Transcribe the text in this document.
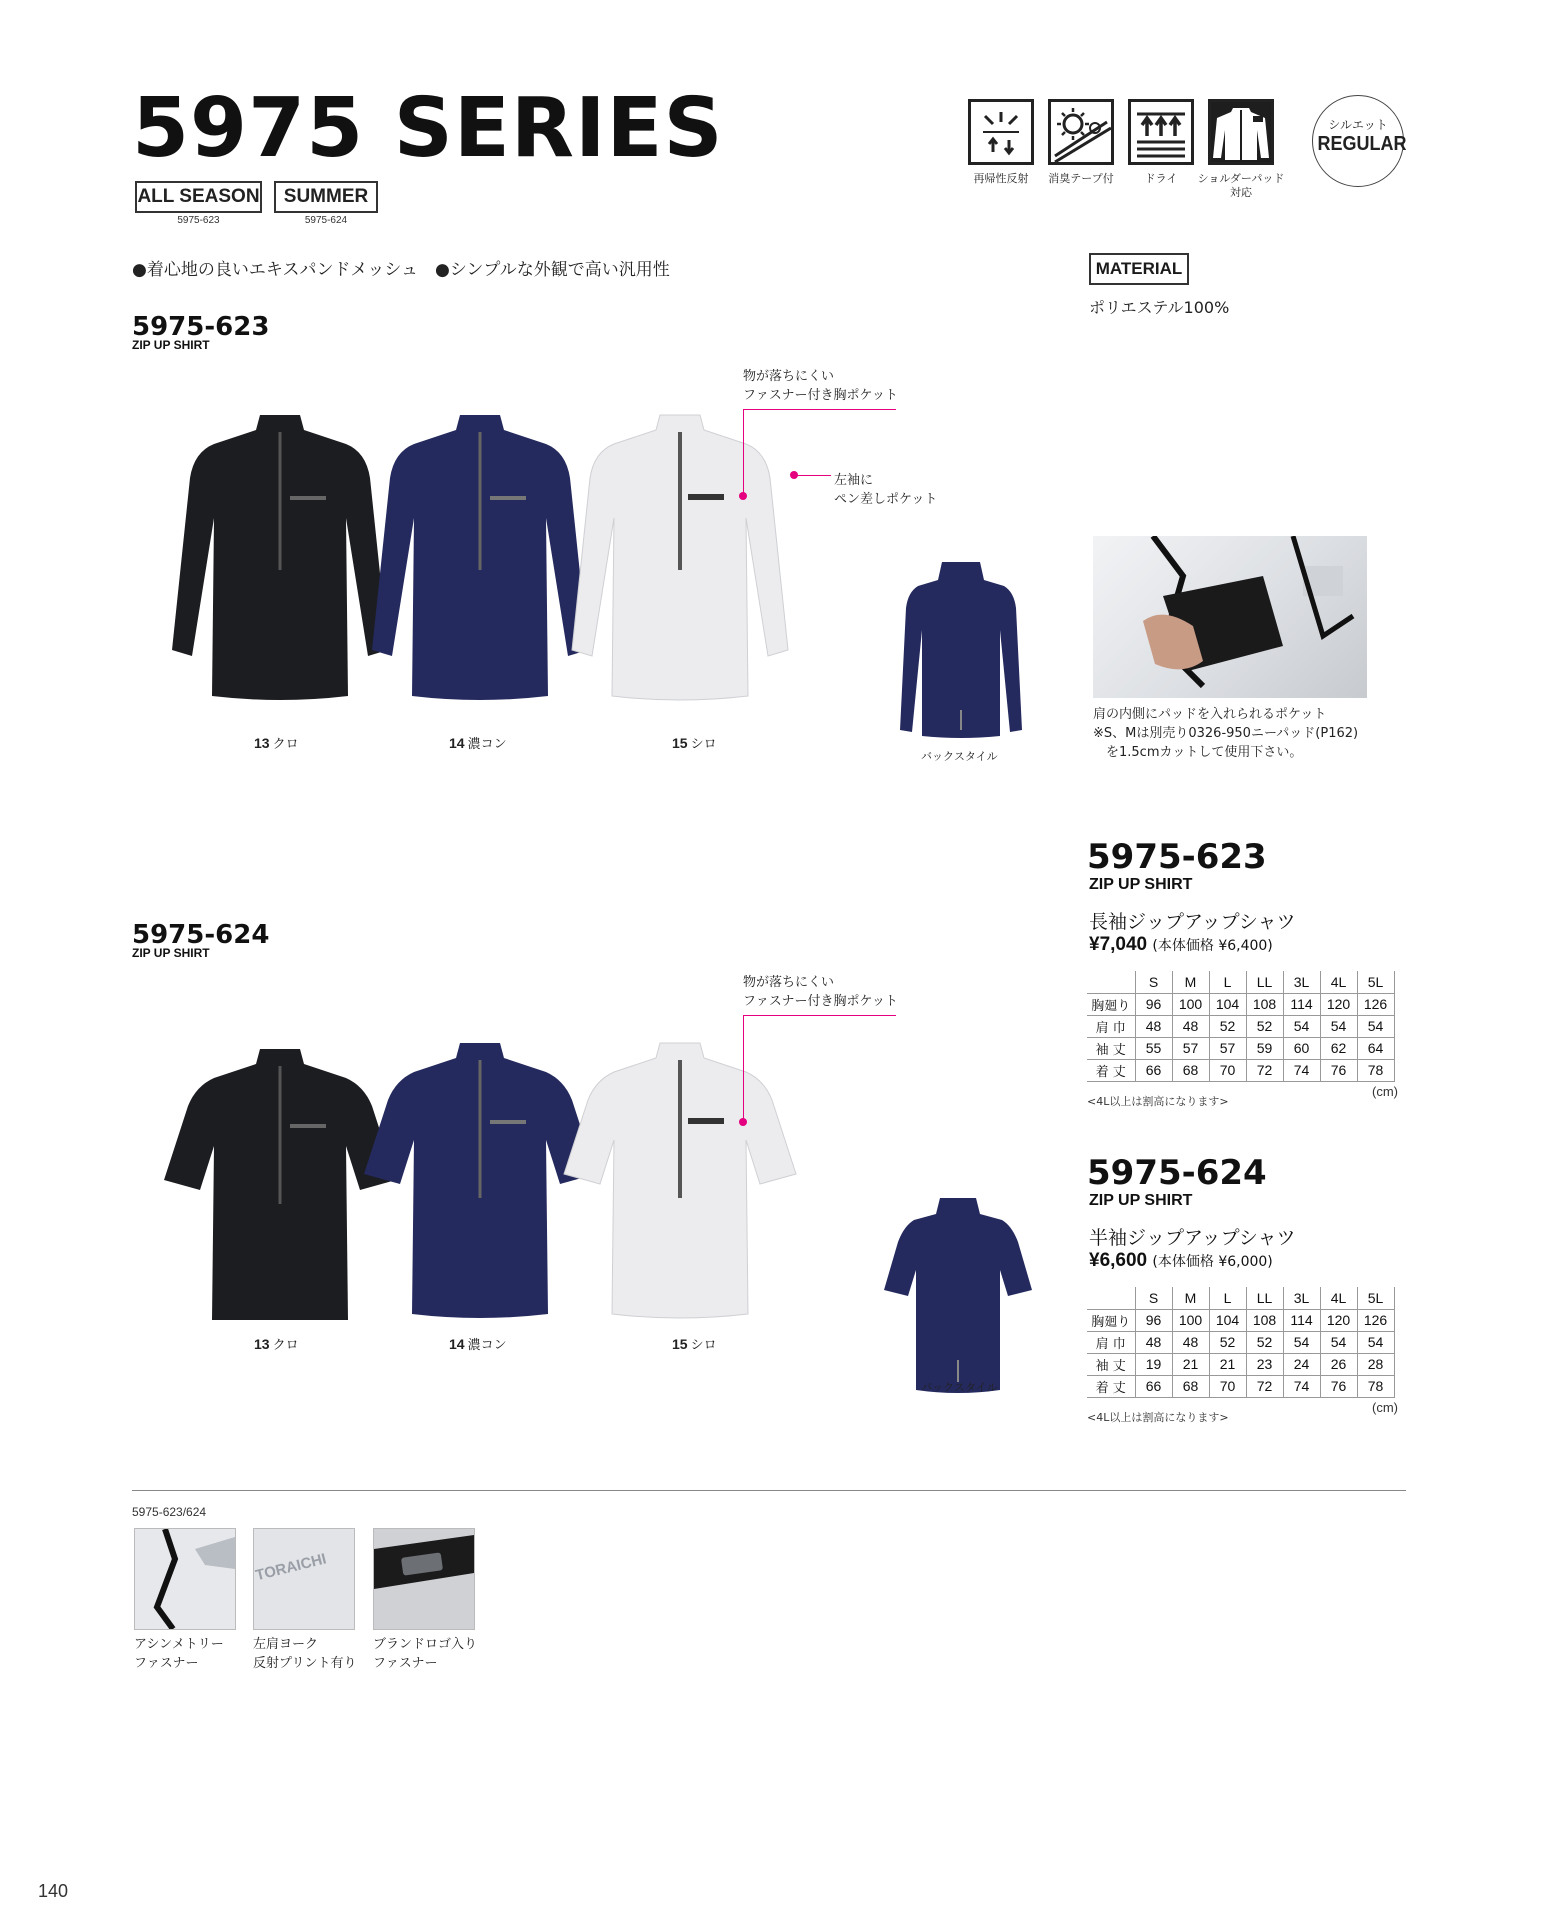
5975 SERIES
ALL SEASON
5975-623
SUMMER
5975-624
再帰性反射	消臭テープ付	ドライ	ショルダーパッド
対応
シルエット
REGULAR
●着心地の良いエキスパンドメッシュ　●シンプルな外観で高い汎用性	MATERIAL
ポリエステル100%
5975-623
ZIP UP SHIRT
物が落ちにくい
ファスナー付き胸ポケット
左袖に
ペン差しポケット
13 クロ	14 濃コン	15 シロ
バックスタイル
肩の内側にパッドを入れられるポケット
※S、Mは別売り0326-950ニーパッド(P162)
　を1.5cmカットして使用下さい。
5975-623
ZIP UP SHIRT
長袖ジップアップシャツ
¥7,040 (本体価格 ¥6,400)
	S	M	L	LL	3L	4L	5L
胸廻り	96	100	104	108	114	120	126
肩 巾	48	48	52	52	54	54	54
袖 丈	55	57	57	59	60	62	64
着 丈	66	68	70	72	74	76	78
(cm)
<4L以上は割高になります>
5975-624
ZIP UP SHIRT
物が落ちにくい
ファスナー付き胸ポケット
13 クロ	14 濃コン	15 シロ
バックスタイル
5975-624
ZIP UP SHIRT
半袖ジップアップシャツ
¥6,600 (本体価格 ¥6,000)
	S	M	L	LL	3L	4L	5L
胸廻り	96	100	104	108	114	120	126
肩 巾	48	48	52	52	54	54	54
袖 丈	19	21	21	23	24	26	28
着 丈	66	68	70	72	74	76	78
(cm)
<4L以上は割高になります>
5975-623/624
TORAICHI
アシンメトリー
ファスナー
左肩ヨーク
反射プリント有り
ブランドロゴ入り
ファスナー
140
